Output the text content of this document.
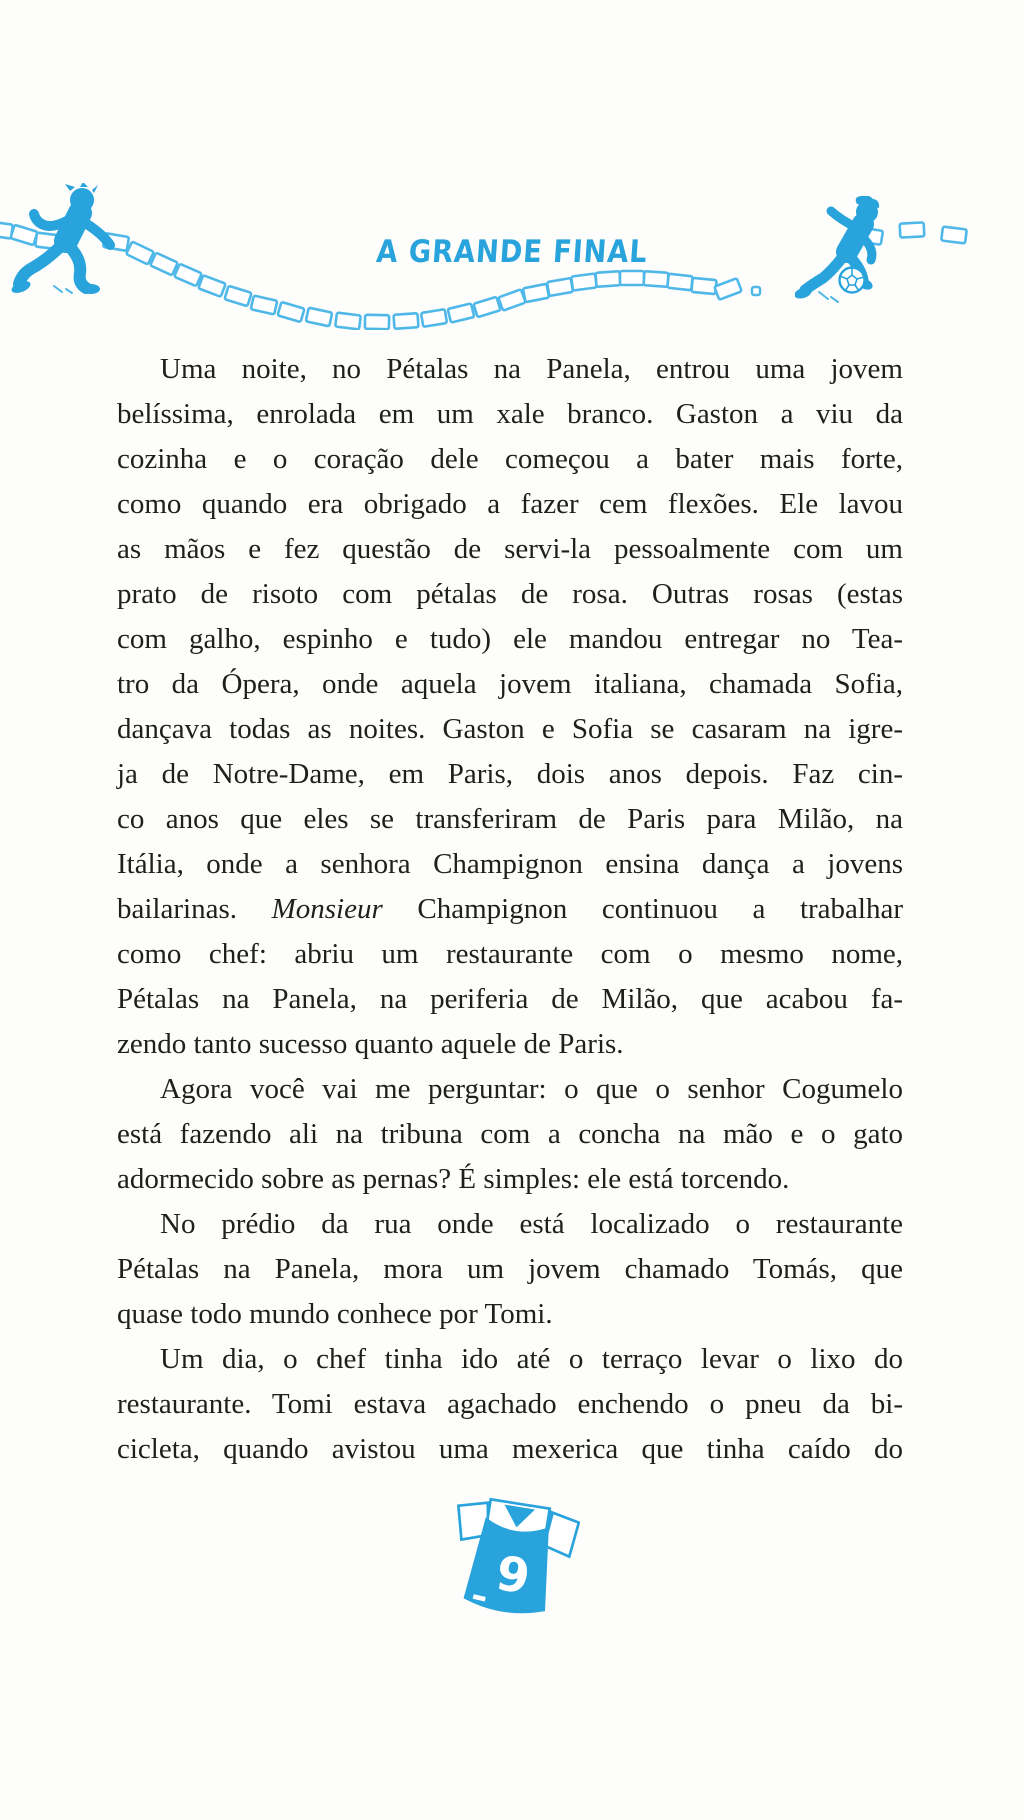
A GRANDE FINAL
Uma noite, no Pétalas na Panela, entrou uma jovem
belíssima, enrolada em um xale branco. Gaston a viu da
cozinha e o coração dele começou a bater mais forte,
como quando era obrigado a fazer cem flexões. Ele lavou
as mãos e fez questão de servi-la pessoalmente com um
prato de risoto com pétalas de rosa. Outras rosas (estas
com galho, espinho e tudo) ele mandou entregar no Tea-
tro da Ópera, onde aquela jovem italiana, chamada Sofia,
dançava todas as noites. Gaston e Sofia se casaram na igre-
ja de Notre-Dame, em Paris, dois anos depois. Faz cin-
co anos que eles se transferiram de Paris para Milão, na
Itália, onde a senhora Champignon ensina dança a jovens
bailarinas. Monsieur Champignon continuou a trabalhar
como chef: abriu um restaurante com o mesmo nome,
Pétalas na Panela, na periferia de Milão, que acabou fa-
zendo tanto sucesso quanto aquele de Paris.
Agora você vai me perguntar: o que o senhor Cogumelo
está fazendo ali na tribuna com a concha na mão e o gato
adormecido sobre as pernas? É simples: ele está torcendo.
No prédio da rua onde está localizado o restaurante
Pétalas na Panela, mora um jovem chamado Tomás, que
quase todo mundo conhece por Tomi.
Um dia, o chef tinha ido até o terraço levar o lixo do
restaurante. Tomi estava agachado enchendo o pneu da bi-
cicleta, quando avistou uma mexerica que tinha caído do
9
